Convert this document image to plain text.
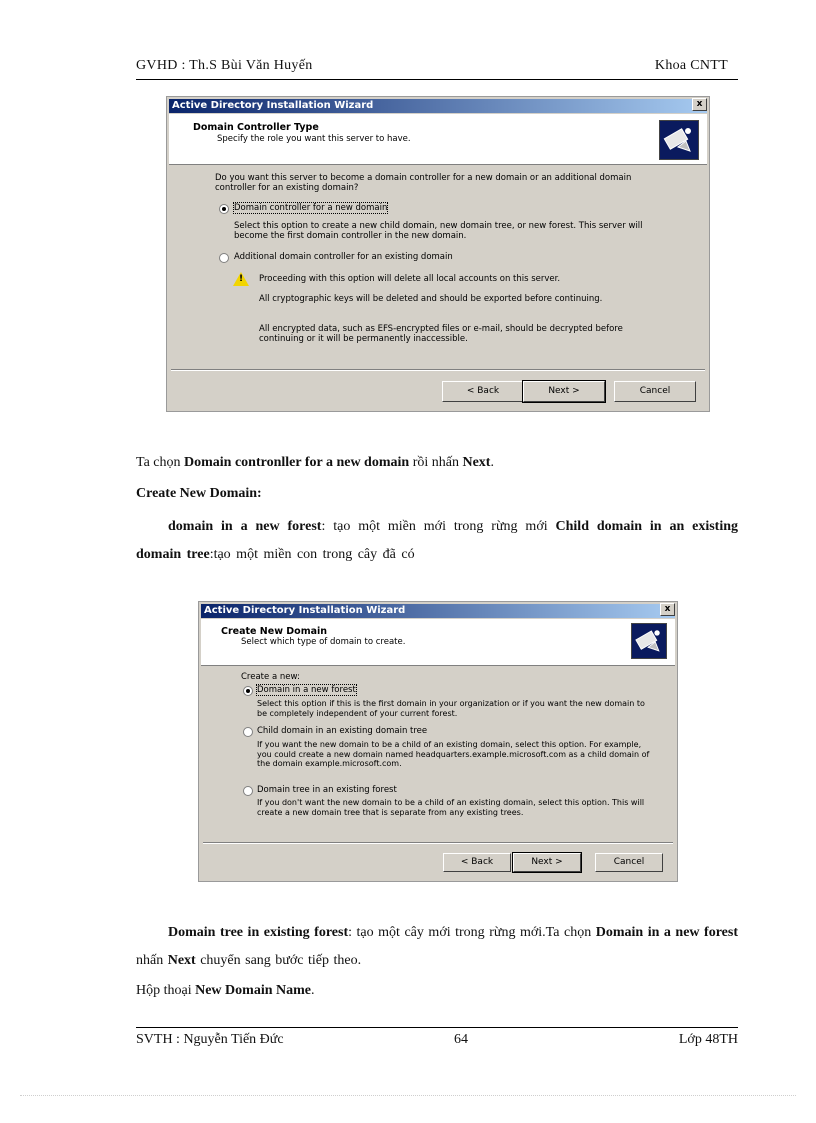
GVHD : Th.S Bùi Văn Huyến	Khoa CNTT
Active Directory Installation Wizard	x
Domain Controller Type
Specify the role you want this server to have.
Do you want this server to become a domain controller for a new domain or an additional domain controller for an existing domain?
Domain controller for a new domain
Select this option to create a new child domain, new domain tree, or new forest. This server will become the first domain controller in the new domain.
Additional domain controller for an existing domain
!
Proceeding with this option will delete all local accounts on this server.
All cryptographic keys will be deleted and should be exported before continuing.
All encrypted data, such as EFS-encrypted files or e-mail, should be decrypted before continuing or it will be permanently inaccessible.
< Back	Next >	Cancel
Ta chọn Domain contronller for a new domain rồi nhấn Next.
Create New Domain:
domain in a new forest: tạo một miền mới trong rừng mới Child domain in an existing domain tree:tạo một miền con trong cây đã có
Active Directory Installation Wizard	x
Create New Domain
Select which type of domain to create.
Create a new:
Domain in a new forest
Select this option if this is the first domain in your organization or if you want the new domain to be completely independent of your current forest.
Child domain in an existing domain tree
If you want the new domain to be a child of an existing domain, select this option. For example, you could create a new domain named headquarters.example.microsoft.com as a child domain of the domain example.microsoft.com.
Domain tree in an existing forest
If you don't want the new domain to be a child of an existing domain, select this option. This will create a new domain tree that is separate from any existing trees.
< Back	Next >	Cancel
Domain tree in existing forest: tạo một cây mới trong rừng mới.Ta chọn Domain in a new forest nhấn Next chuyển sang bước tiếp theo.
Hộp thoại New Domain Name.
SVTH : Nguyễn Tiến Đức	64	Lớp 48TH
